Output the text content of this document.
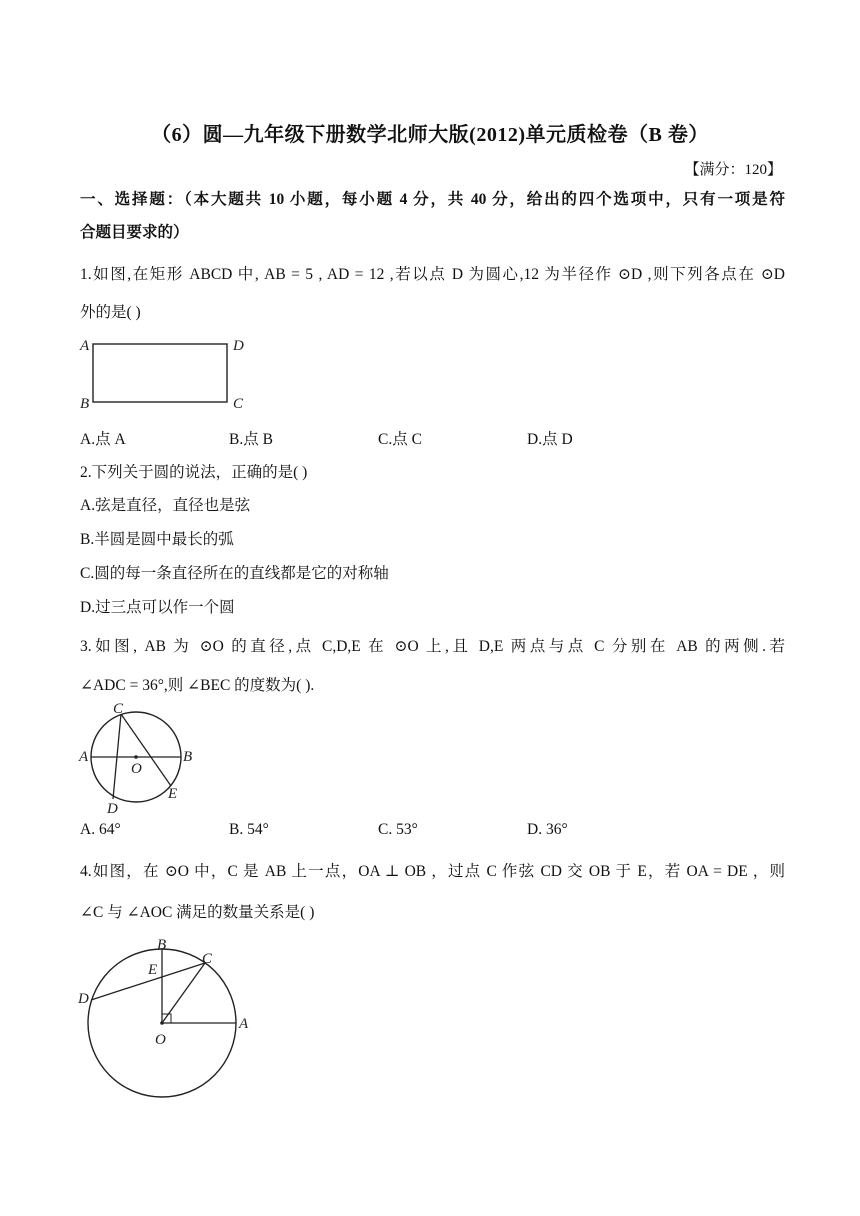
（6）圆—九年级下册数学北师大版(2012)单元质检卷（B 卷）
【满分：120】
一、选择题：（本大题共 10 小题，每小题 4 分，共 40 分，给出的四个选项中，只有一项是符
合题目要求的）
1.如图,在矩形 ABCD 中, AB = 5 , AD = 12 ,若以点 D 为圆心,12 为半径作 ⊙D ,则下列各点在 ⊙D
外的是( )
A	D
B	C
A.点 A	B.点 B	C.点 C	D.点 D
2.下列关于圆的说法，正确的是( )
A.弦是直径，直径也是弦
B.半圆是圆中最长的弧
C.圆的每一条直径所在的直线都是它的对称轴
D.过三点可以作一个圆
3.如图, AB 为 ⊙O 的直径,点 C,D,E 在 ⊙O 上,且 D,E 两点与点 C 分别在 AB 的两侧.若
∠ADC = 36°,则 ∠BEC 的度数为( ).
A	B
C
D
E
O
A. 64°	B. 54°	C. 53°	D. 36°
4.如图，在 ⊙O 中，C 是 AB 上一点，OA ⊥ OB ，过点 C 作弦 CD 交 OB 于 E，若 OA = DE ，则
∠C 与 ∠AOC 满足的数量关系是( )
B
E
C
D
A
O
